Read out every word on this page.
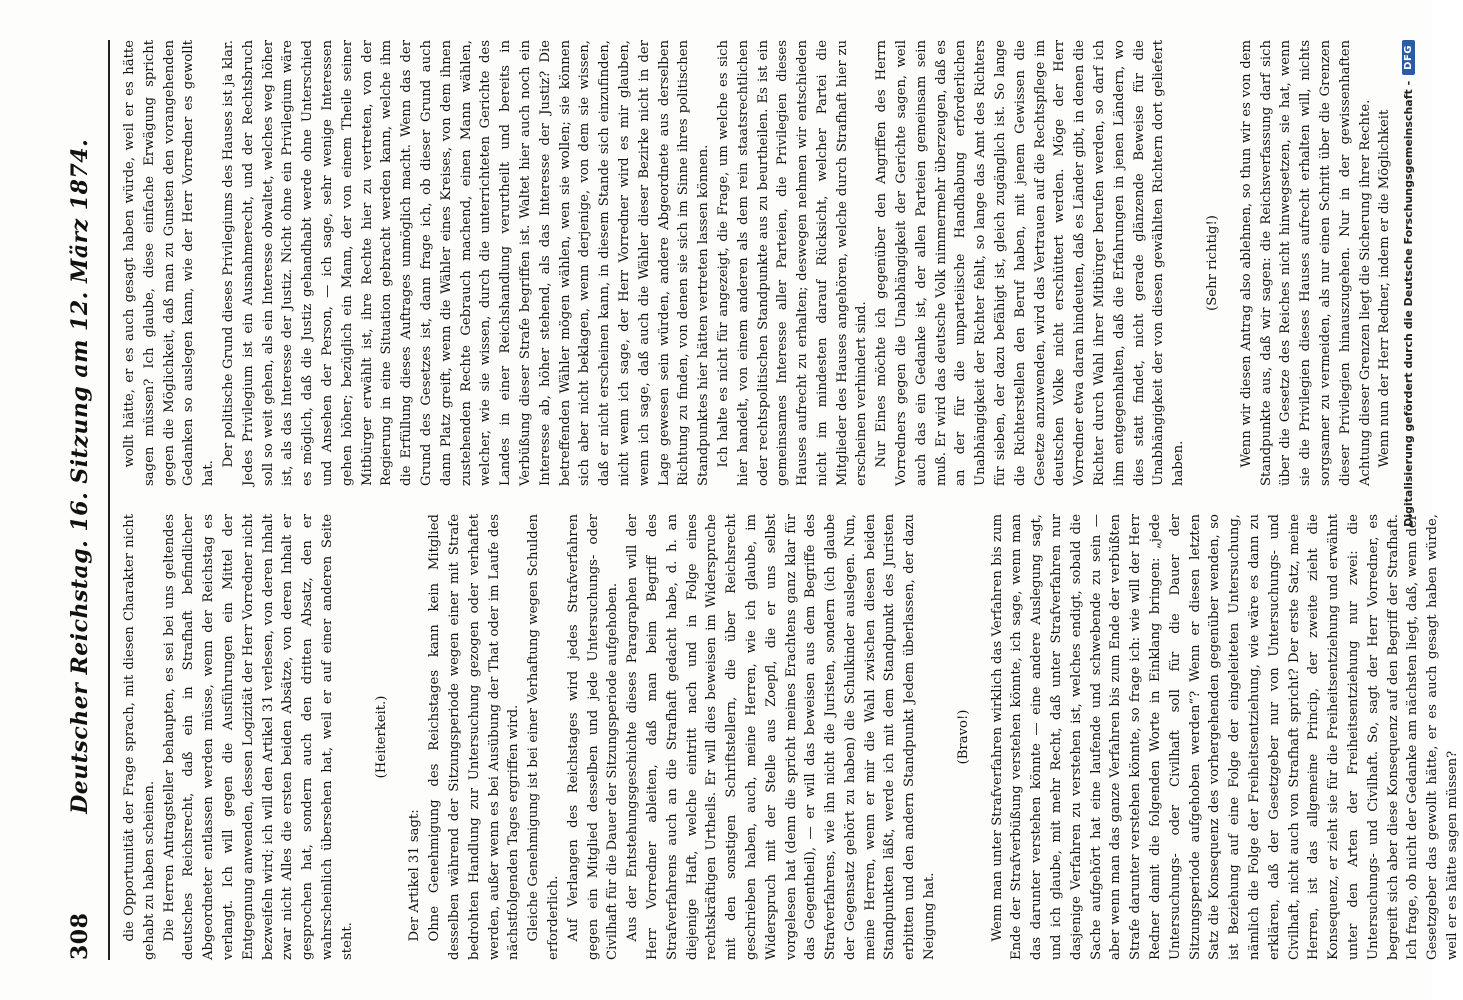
308
Deutscher Reichstag. 16. Sitzung am 12. März 1874. die Opportunität der Frage sprach, mit diesen Charakter nicht gehabt zu haben scheinen. Die Herren Antragsteller behaupten, es sei bei uns geltendes deutsches Reichsrecht, daß ein in Strafhaft befindlicher Abgeordneter entlassen werden müsse, wenn der Reichstag es verlangt. Ich will gegen die Ausführungen ein Mittel der Entgegnung anwenden, dessen Logizität der Herr Vorredner nicht bezweifeln wird; ich will den Artikel 31 verlesen, von deren Inhalt zwar nicht Alles die ersten beiden Absätze, von deren Inhalt er gesprochen hat, sondern auch den dritten Absatz, den er wahrscheinlich übersehen hat, weil er auf einer anderen Seite steht.

(Heiterkeit.)

Der Artikel 31 sagt: Ohne Genehmigung des Reichstages kann kein Mitglied desselben während der Sitzungsperiode wegen einer mit Strafe bedrohten Handlung zur Untersuchung gezogen oder verhaftet werden, außer wenn es bei Ausübung der That oder im Laufe des nächstfolgenden Tages ergriffen wird. Gleiche Genehmigung ist bei einer Verhaftung wegen Schulden erforderlich. Auf Verlangen des Reichstages wird jedes Strafverfahren gegen ein Mitglied desselben und jede Untersuchungs- oder Civilhaft für die Dauer der Sitzungsperiode aufgehoben. Aus der Entstehungsgeschichte dieses Paragraphen will der Herr Vorredner ableiten, daß man beim Begriff des Strafverfahrens auch an die Strafhaft gedacht habe, d. h. an diejenige Haft, welche eintritt nach und in Folge eines rechtskräftigen Urtheils. Er will dies beweisen im Widerspruche mit den sonstigen Schriftstellern, die über Reichsrecht geschrieben haben, auch, meine Herren, wie ich glaube, im Widerspruch mit der Stelle aus Zoepfl, die er uns selbst vorgelesen hat (denn die spricht meines Erachtens ganz klar für das Gegentheil), — er will das beweisen aus dem Begriffe des Strafverfahrens, wie ihn nicht die Juristen, sondern (ich glaube der Gegensatz gehört zu haben) die Schulkinder auslegen. Nun, meine Herren, wenn er mir die Wahl zwischen diesen beiden Standpunkten läßt, werde ich mit dem Standpunkt des Juristen erbitten und den andern Standpunkt Jedem überlassen, der dazu Neigung hat.

(Bravo!) Wenn man unter Strafverfahren wirklich das Verfahren bis zum Ende der Strafverbüßung verstehen könnte, ich sage, wenn man das darunter verstehen könnte — eine andere Auslegung sagt, und ich glaube, mit mehr Recht, daß unter Strafverfahren nur dasjenige Verfahren zu verstehen ist, welches endigt, sobald die Sache aufgehört hat eine laufende und schwebende zu sein — aber wenn man das ganze Verfahren bis zum Ende der verbüßten Strafe darunter verstehen könnte, so frage ich: wie will der Herr Redner damit die folgenden Worte in Einklang bringen: „jede Untersuchungs- oder Civilhaft soll für die Dauer der Sitzungsperiode aufgehoben werden“? Wenn er diesen letzten Satz die Konsequenz des vorhergehenden gegenüber wenden, so ist Beziehung auf eine Folge der eingeleiteten Untersuchung, nämlich die Folge der Freiheitsentziehung, wie wäre es dann zu erklären, daß der Gesetzgeber nur von Untersuchungs- und Civilhaft, nicht auch von Strafhaft spricht? Der erste Satz, meine Herren, ist das allgemeine Princip, der zweite zieht die Konsequenz, er zieht sie für die Freiheitsentziehung und erwähnt unter den Arten der Freiheitsentziehung nur zwei: die Untersuchungs- und Civilhaft. So, sagt der Herr Vorredner, es begreift sich aber diese Konsequenz auf den Begriff der Strafhaft. Ich frage, ob nicht der Gedanke am nächsten liegt, daß, wenn der Gesetzgeber das gewollt hätte, er es auch gesagt haben würde, weil er es hätte sagen müssen?

wollt hätte, er es auch gesagt haben würde, weil er es hätte sagen müssen? Ich glaube, diese einfache Erwägung spricht gegen die Möglichkeit, daß man zu Gunsten den vorangehenden Gedanken so auslegen kann, wie der Herr Vorredner es gewollt hat.

Der politische Grund dieses Privilegiums des Hauses ist ja klar. Jedes Privilegium ist ein Ausnahmerecht, und der Rechtsbruch soll so weit gehen, als ein Interesse obwaltet, welches weg höher ist, als das Interesse der Justiz. Nicht ohne ein Privilegium wäre es möglich, daß die Justiz gehandhabt werde ohne Unterschied und Ansehen der Person, — ich sage, sehr wenige Interessen gehen höher; bezüglich ein Mann, der von einem Theile seiner Mitbürger erwählt ist, ihre Rechte hier zu vertreten, von der Regierung in eine Situation gebracht werden kann, welche ihm die Erfüllung dieses Auftrages unmöglich macht. Wenn das der Grund des Gesetzes ist, dann frage ich, ob dieser Grund auch dann Platz greift, wenn die Wähler eines Kreises, von dem ihnen zustehenden Rechte Gebrauch machend, einen Mann wählen, welcher, wie sie wissen, durch die unterrichteten Gerichte des Landes in einer Reichshandlung verurtheilt und bereits in Verbüßung dieser Strafe begriffen ist. Waltet hier auch noch ein Interesse ab, höher stehend, als das Interesse der Justiz? Die betreffenden Wähler mögen wählen, wen sie wollen; sie können sich aber nicht beklagen, wenn derjenige, von dem sie wissen, daß er nicht erscheinen kann, in diesem Stande sich einzufinden, nicht wenn ich sage, der Herr Vorredner wird es mir glauben, wenn ich sage, daß auch die Wähler dieser Bezirke nicht in der Lage gewesen sein würden, andere Abgeordnete aus derselben Richtung zu finden, von denen sie sich im Sinne ihres politischen Standpunktes hier hätten vertreten lassen können. Ich halte es nicht für angezeigt, die Frage, um welche es sich hier handelt, von einem anderen als dem rein staatsrechtlichen oder rechtspolitischen Standpunkte aus zu beurtheilen. Es ist ein gemeinsames Interesse aller Parteien, die Privilegien dieses Hauses aufrecht zu erhalten; deswegen nehmen wir entschieden nicht im mindesten darauf Rücksicht, welcher Partei die Mitglieder des Hauses angehören, welche durch Strafhaft hier zu erscheinen verhindert sind. Nur Eines möchte ich gegenüber den Angriffen des Herrn Vorredners gegen die Unabhängigkeit der Gerichte sagen, weil auch das ein Gedanke ist, der allen Parteien gemeinsam sein muß. Er wird das deutsche Volk nimmermehr überzeugen, daß es an der für die unparteiische Handhabung erforderlichen Unabhängigkeit der Richter fehlt, so lange das Amt des Richters für sieben, der dazu befähigt ist, gleich zugänglich ist. So lange die Richterstellen den Beruf haben, mit jenem Gewissen die Gesetze anzuwenden, wird das Vertrauen auf die Rechtspflege im deutschen Volke nicht erschüttert werden. Möge der Herr Vorredner etwa daran hindeuten, daß es Länder gibt, in denen die Richter durch Wahl ihrer Mitbürger berufen werden, so darf ich ihm entgegenhalten, daß die Erfahrungen in jenen Ländern, wo dies statt findet, nicht gerade glänzende Beweise für die Unabhängigkeit der von diesen gewählten Richtern dort geliefert haben.

(Sehr richtig!) Wenn wir diesen Antrag also ablehnen, so thun wir es von dem Standpunkte aus, daß wir sagen: die Reichsverfassung darf sich über die Gesetze des Reiches nicht hinwegsetzen, sie hat, wenn sie die Privilegien dieses Hauses aufrecht erhalten will, nichts sorgsamer zu vermeiden, als nur einen Schritt über die Grenzen dieser Privilegien hinauszugehen. Nur in der gewissenhaften Achtung dieser Grenzen liegt die Sicherung ihrer Rechte. Wenn nun der Herr Redner, indem er die Möglichkeit Digitalisierung gefördert durch die Deutsche Forschungsgemeinschaft -
DFG
